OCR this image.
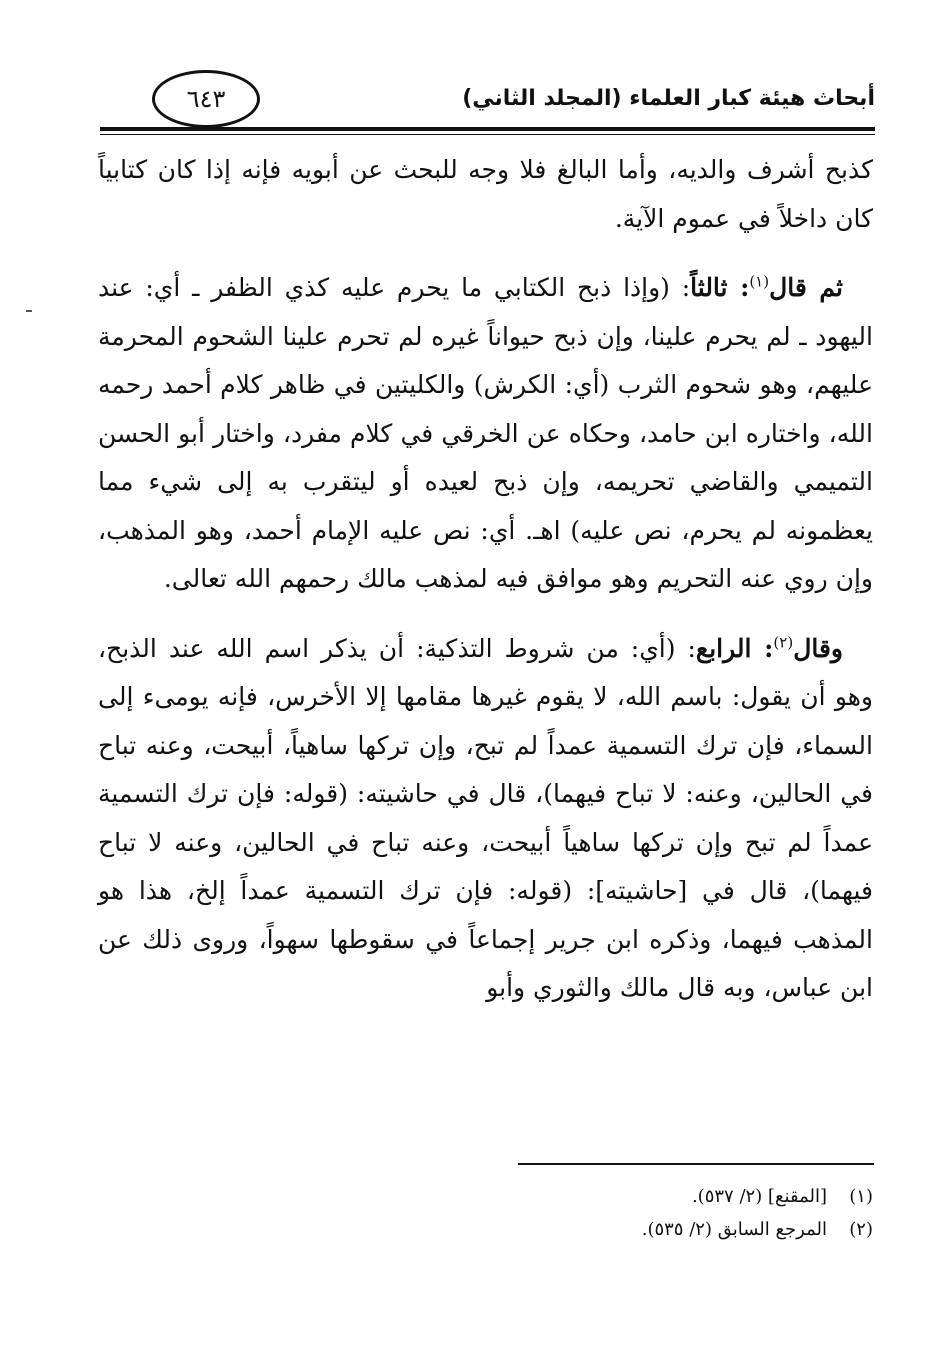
أبحاث هيئة كبار العلماء (المجلد الثاني)
٦٤٣

كذبح أشرف والديه، وأما البالغ فلا وجه للبحث عن أبويه فإنه إذا كان كتابياً كان داخلاً في عموم الآية.

ثم قال$^{(١)}$: ثالثاً: (وإذا ذبح الكتابي ما يحرم عليه كذي الظفر ـ أي: عند اليهود ـ لم يحرم علينا، وإن ذبح حيواناً غيره لم تحرم علينا الشحوم المحرمة عليهم، وهو شحوم الثرب (أي: الكرش) والكليتين في ظاهر كلام أحمد رحمه الله، واختاره ابن حامد، وحكاه عن الخرقي في كلام مفرد، واختار أبو الحسن التميمي والقاضي تحريمه، وإن ذبح لعيده أو ليتقرب به إلى شيء مما يعظمونه لم يحرم، نص عليه) اهـ. أي: نص عليه الإمام أحمد، وهو المذهب، وإن روي عنه التحريم وهو موافق فيه لمذهب مالك رحمهم الله تعالى.

وقال$^{(٢)}$: الرابع: (أي: من شروط التذكية: أن يذكر اسم الله عند الذبح، وهو أن يقول: باسم الله، لا يقوم غيرها مقامها إلا الأخرس، فإنه يومىء إلى السماء، فإن ترك التسمية عمداً لم تبح، وإن تركها ساهياً، أبيحت، وعنه تباح في الحالين، وعنه: لا تباح فيهما)، قال في حاشيته: (قوله: فإن ترك التسمية عمداً لم تبح وإن تركها ساهياً أبيحت، وعنه تباح في الحالين، وعنه لا تباح فيهما)، قال في [حاشيته]: (قوله: فإن ترك التسمية عمداً إلخ، هذا هو المذهب فيهما، وذكره ابن جرير إجماعاً في سقوطها سهواً، وروى ذلك عن ابن عباس، وبه قال مالك والثوري وأبو

(١)
[المقنع] (٢/ ٥٣٧).
(٢)
المرجع السابق (٢/ ٥٣٥).
